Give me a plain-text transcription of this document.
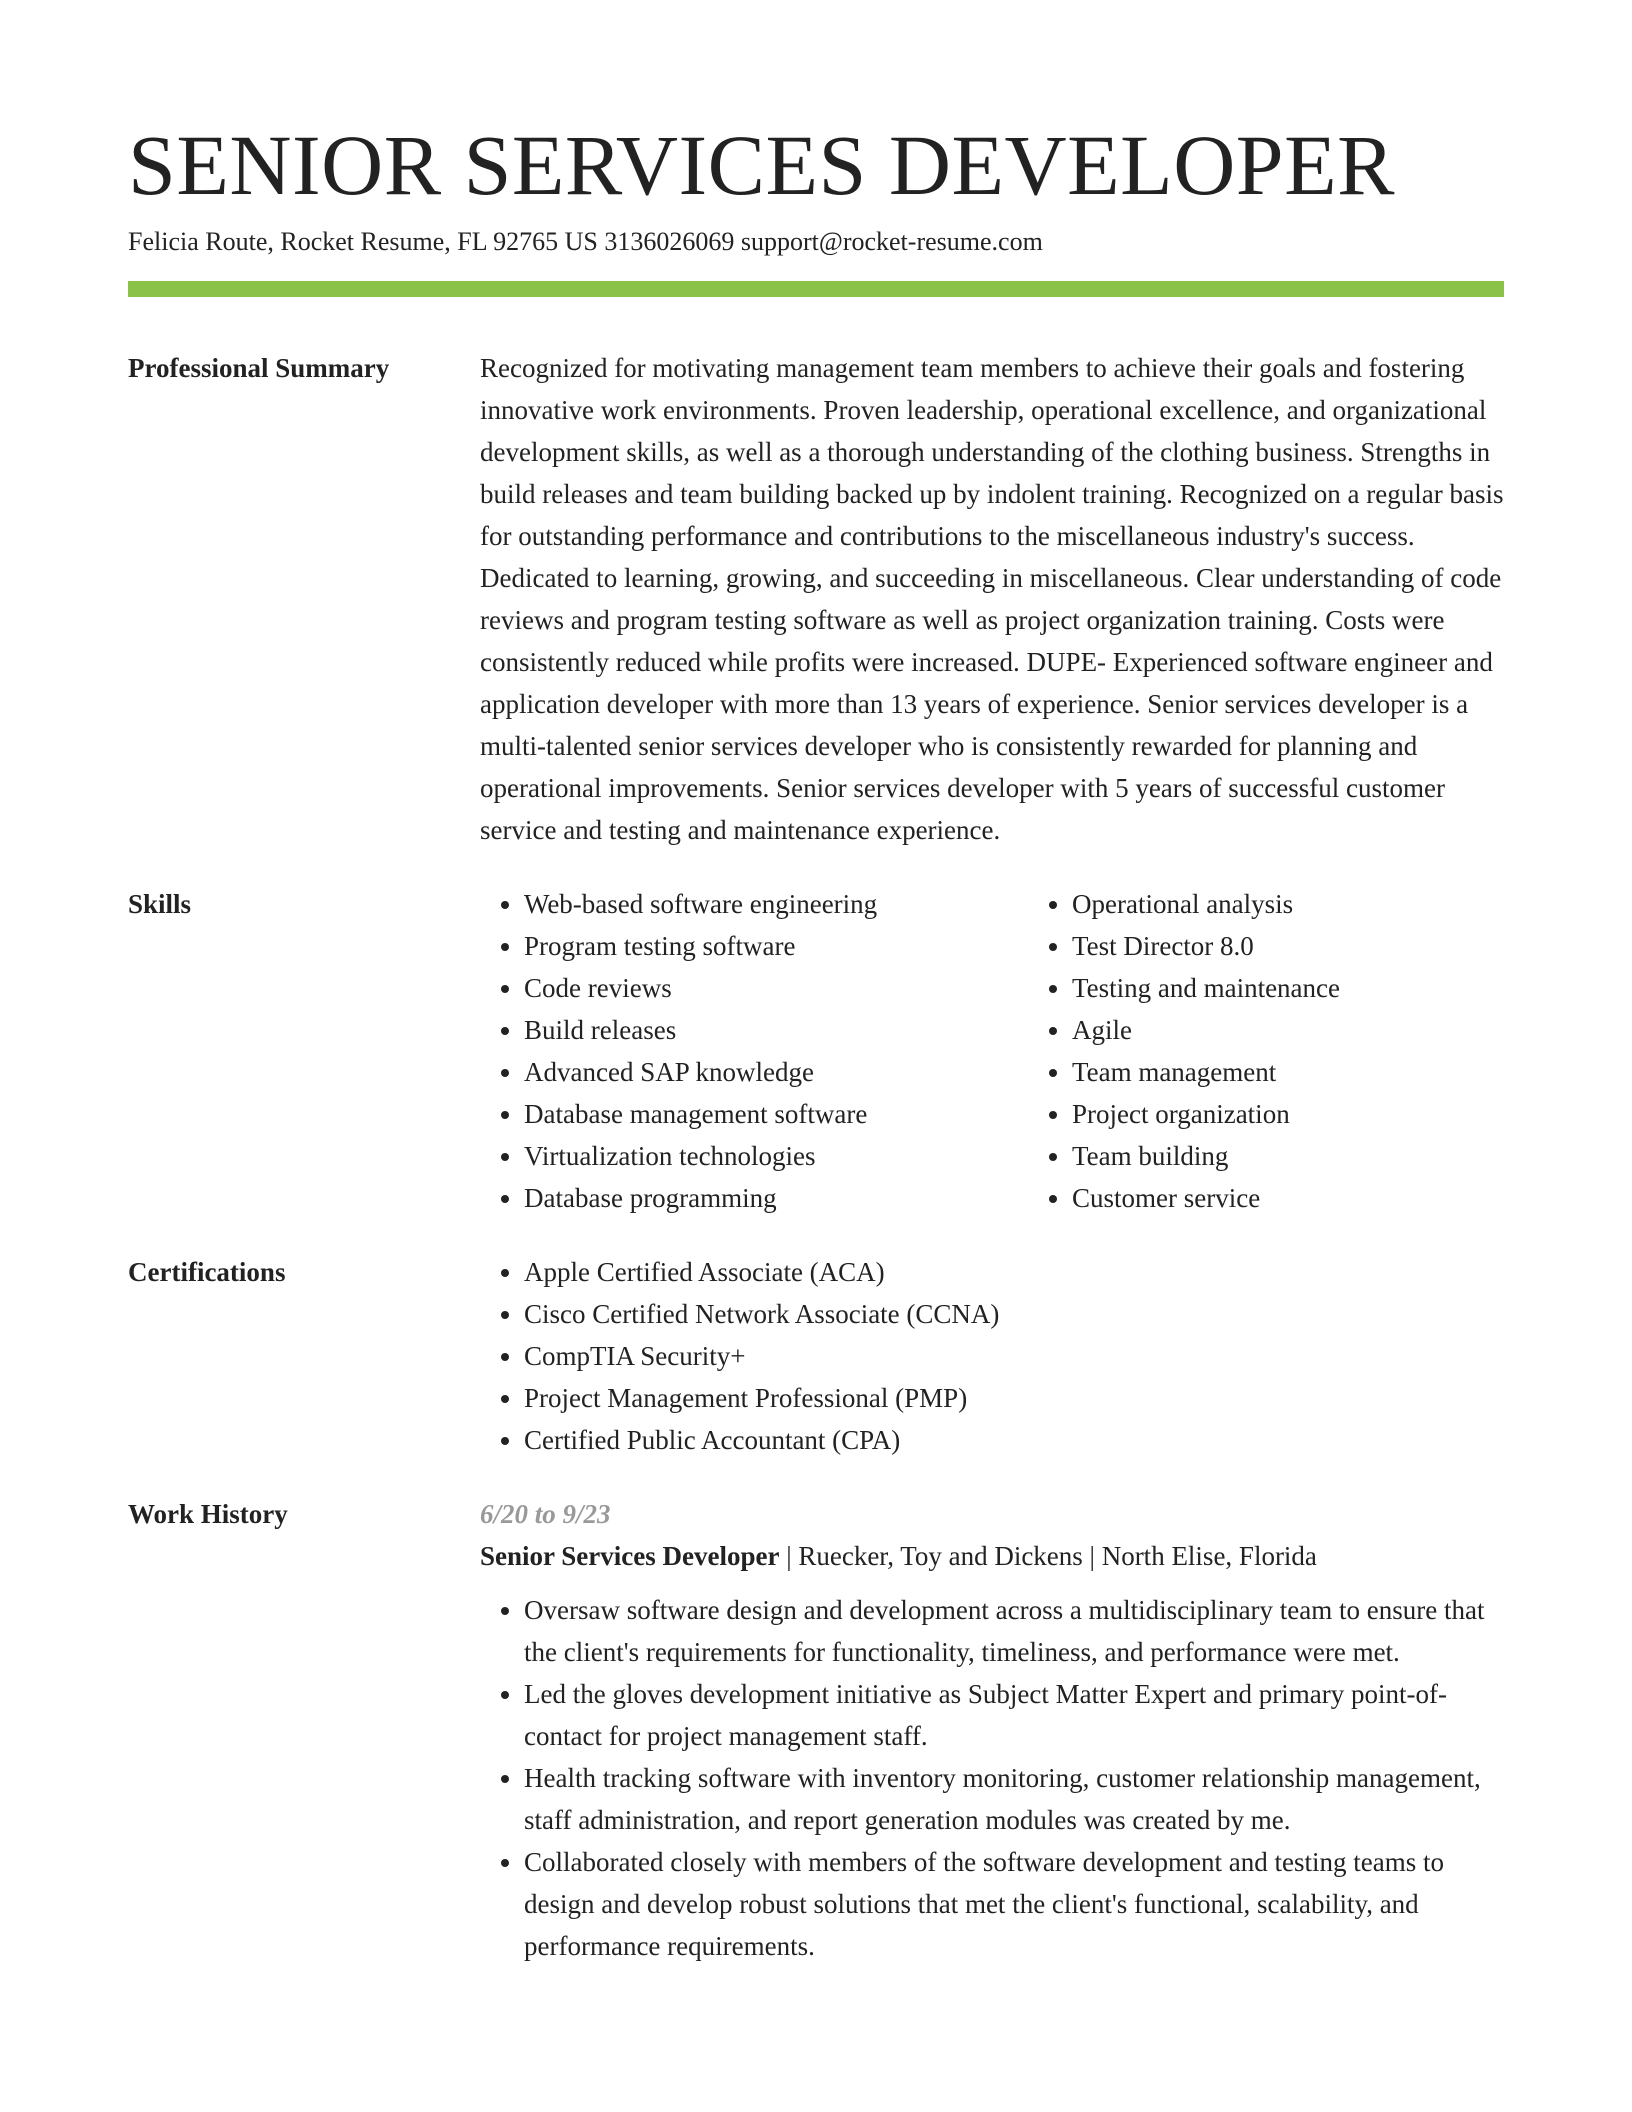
SENIOR SERVICES DEVELOPER
Felicia Route, Rocket Resume, FL 92765 US 3136026069 support@rocket-resume.com
Professional Summary	Recognized for motivating management team members to achieve their goals and fostering innovative work environments. Proven leadership, operational excellence, and organizational development skills, as well as a thorough understanding of the clothing business. Strengths in build releases and team building backed up by indolent training. Recognized on a regular basis for outstanding performance and contributions to the miscellaneous industry's success. Dedicated to learning, growing, and succeeding in miscellaneous. Clear understanding of code reviews and program testing software as well as project organization training. Costs were consistently reduced while profits were increased. DUPE- Experienced software engineer and application developer with more than 13 years of experience. Senior services developer is a multi-talented senior services developer who is consistently rewarded for planning and operational improvements. Senior services developer with 5 years of successful customer service and testing and maintenance experience.
Skills	• Web-based software engineering
• Program testing software
• Code reviews
• Build releases
• Advanced SAP knowledge
• Database management software
• Virtualization technologies
• Database programming
• Operational analysis
• Test Director 8.0
• Testing and maintenance
• Agile
• Team management
• Project organization
• Team building
• Customer service
Certifications	• Apple Certified Associate (ACA)
• Cisco Certified Network Associate (CCNA)
• CompTIA Security+
• Project Management Professional (PMP)
• Certified Public Accountant (CPA)
Work History	6/20 to 9/23
Senior Services Developer | Ruecker, Toy and Dickens | North Elise, Florida
• Oversaw software design and development across a multidisciplinary team to ensure that the client's requirements for functionality, timeliness, and performance were met.
• Led the gloves development initiative as Subject Matter Expert and primary point-of-contact for project management staff.
• Health tracking software with inventory monitoring, customer relationship management, staff administration, and report generation modules was created by me.
• Collaborated closely with members of the software development and testing teams to design and develop robust solutions that met the client's functional, scalability, and performance requirements.
